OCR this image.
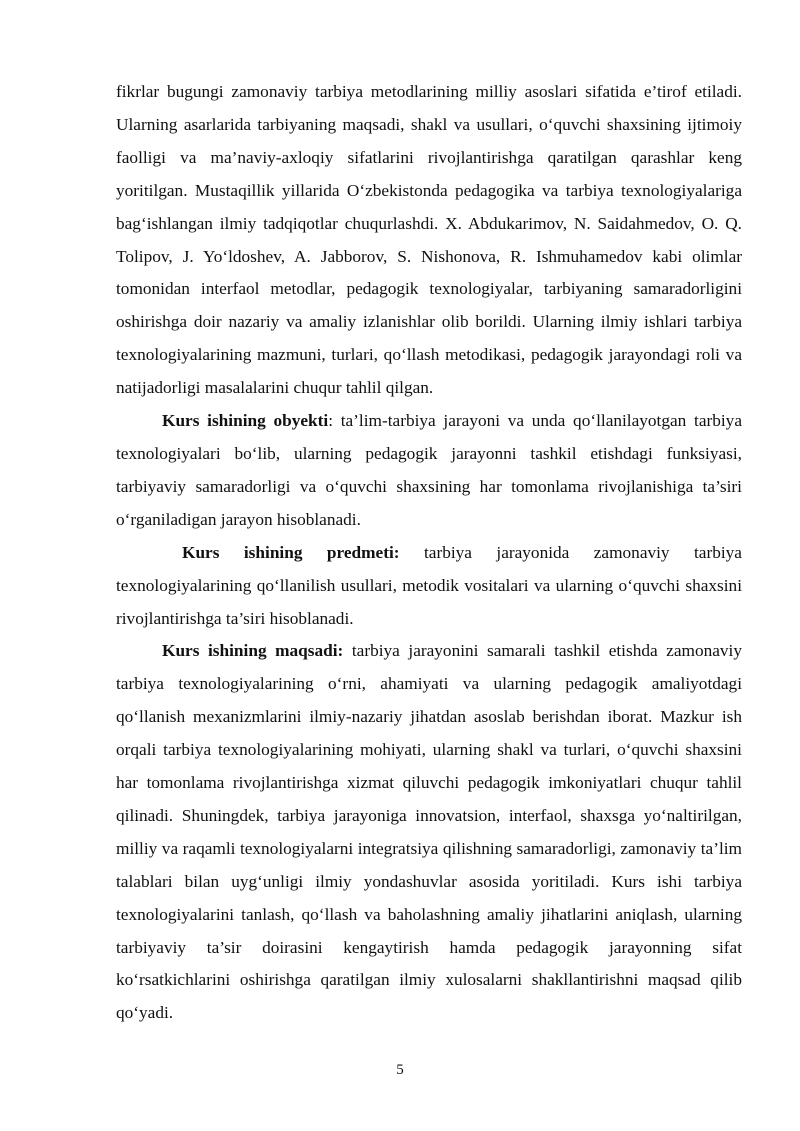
fikrlar bugungi zamonaviy tarbiya metodlarining milliy asoslari sifatida e’tirof etiladi. Ularning asarlarida tarbiyaning maqsadi, shakl va usullari, o‘quvchi shaxsining ijtimoiy faolligi va ma’naviy-axloqiy sifatlarini rivojlantirishga qaratilgan qarashlar keng yoritilgan. Mustaqillik yillarida O‘zbekistonda pedagogika va tarbiya texnologiyalariga bag‘ishlangan ilmiy tadqiqotlar chuqurlashdi. X. Abdukarimov, N. Saidahmedov, O. Q. Tolipov, J. Yo‘ldoshev, A. Jabborov, S. Nishonova, R. Ishmuhamedov kabi olimlar tomonidan interfaol metodlar, pedagogik texnologiyalar, tarbiyaning samaradorligini oshirishga doir nazariy va amaliy izlanishlar olib borildi. Ularning ilmiy ishlari tarbiya texnologiyalarining mazmuni, turlari, qo‘llash metodikasi, pedagogik jarayondagi roli va natijadorligi masalalarini chuqur tahlil qilgan.

Kurs ishining obyekti: ta’lim-tarbiya jarayoni va unda qo‘llanilayotgan tarbiya texnologiyalari bo‘lib, ularning pedagogik jarayonni tashkil etishdagi funksiyasi, tarbiyaviy samaradorligi va o‘quvchi shaxsining har tomonlama rivojlanishiga ta’siri o‘rganiladigan jarayon hisoblanadi.

Kurs ishining predmeti: tarbiya jarayonida zamonaviy tarbiya texnologiyalarining qo‘llanilish usullari, metodik vositalari va ularning o‘quvchi shaxsini rivojlantirishga ta’siri hisoblanadi.

Kurs ishining maqsadi: tarbiya jarayonini samarali tashkil etishda zamonaviy tarbiya texnologiyalarining o‘rni, ahamiyati va ularning pedagogik amaliyotdagi qo‘llanish mexanizmlarini ilmiy-nazariy jihatdan asoslab berishdan iborat. Mazkur ish orqali tarbiya texnologiyalarining mohiyati, ularning shakl va turlari, o‘quvchi shaxsini har tomonlama rivojlantirishga xizmat qiluvchi pedagogik imkoniyatlari chuqur tahlil qilinadi. Shuningdek, tarbiya jarayoniga innovatsion, interfaol, shaxsga yo‘naltirilgan, milliy va raqamli texnologiyalarni integratsiya qilishning samaradorligi, zamonaviy ta’lim talablari bilan uyg‘unligi ilmiy yondashuvlar asosida yoritiladi. Kurs ishi tarbiya texnologiyalarini tanlash, qo‘llash va baholashning amaliy jihatlarini aniqlash, ularning tarbiyaviy ta’sir doirasini kengaytirish hamda pedagogik jarayonning sifat ko‘rsatkichlarini oshirishga qaratilgan ilmiy xulosalarni shakllantirishni maqsad qilib qo‘yadi.

5
